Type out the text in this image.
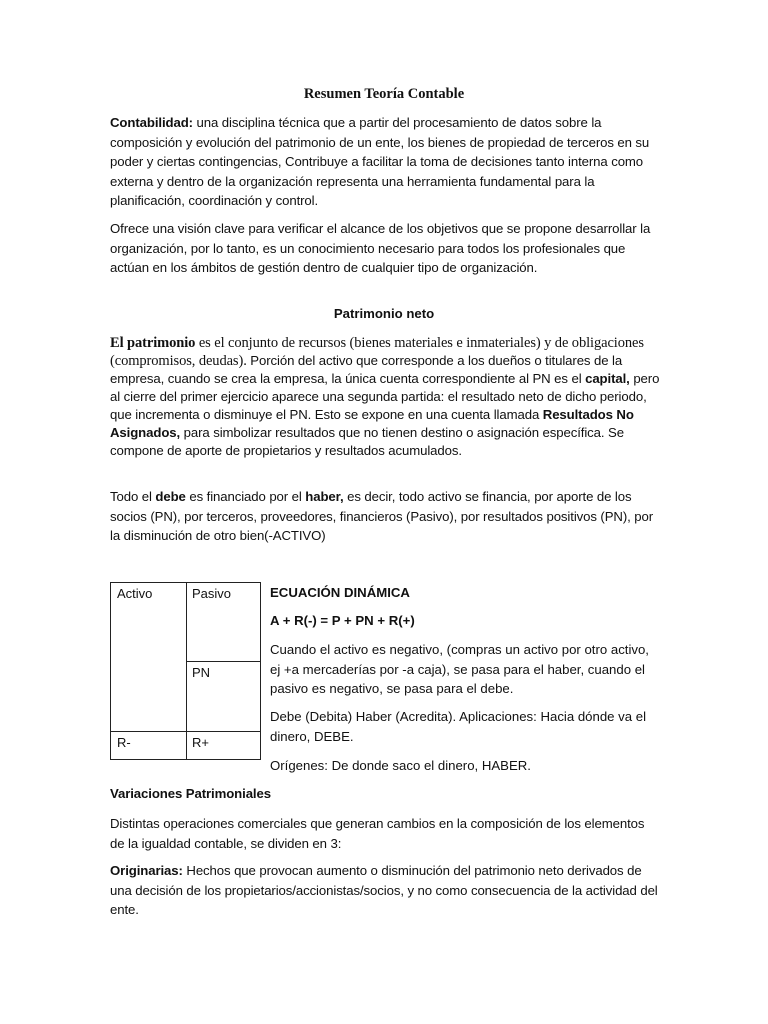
Resumen Teoría Contable

Contabilidad: una disciplina técnica que a partir del procesamiento de datos sobre la composición y evolución del patrimonio de un ente, los bienes de propiedad de terceros en su poder y ciertas contingencias, Contribuye a facilitar la toma de decisiones tanto interna como externa y dentro de la organización representa una herramienta fundamental para la planificación, coordinación y control.

Ofrece una visión clave para verificar el alcance de los objetivos que se propone desarrollar la organización, por lo tanto, es un conocimiento necesario para todos los profesionales que actúan en los ámbitos de gestión dentro de cualquier tipo de organización.

Patrimonio neto

El patrimonio es el conjunto de recursos (bienes materiales e inmateriales) y de obligaciones (compromisos, deudas). Porción del activo que corresponde a los dueños o titulares de la empresa, cuando se crea la empresa, la única cuenta correspondiente al PN es el capital, pero al cierre del primer ejercicio aparece una segunda partida: el resultado neto de dicho periodo, que incrementa o disminuye el PN. Esto se expone en una cuenta llamada Resultados No Asignados, para simbolizar resultados que no tienen destino o asignación específica. Se compone de aporte de propietarios y resultados acumulados.

Todo el debe es financiado por el haber, es decir, todo activo se financia, por aporte de los socios (PN), por terceros, proveedores, financieros (Pasivo), por resultados positivos (PN), por la disminución de otro bien(-ACTIVO)

Activo	Pasivo
PN
R-	R+

ECUACIÓN DINÁMICA

A + R(-) = P + PN + R(+)

Cuando el activo es negativo, (compras un activo por otro activo, ej +a mercaderías por -a caja), se pasa para el haber, cuando el pasivo es negativo, se pasa para el debe.

Debe (Debita) Haber (Acredita). Aplicaciones: Hacia dónde va el dinero, DEBE.

Orígenes: De donde saco el dinero, HABER.

Variaciones Patrimoniales

Distintas operaciones comerciales que generan cambios en la composición de los elementos de la igualdad contable, se dividen en 3:

Originarias: Hechos que provocan aumento o disminución del patrimonio neto derivados de una decisión de los propietarios/accionistas/socios, y no como consecuencia de la actividad del ente.
